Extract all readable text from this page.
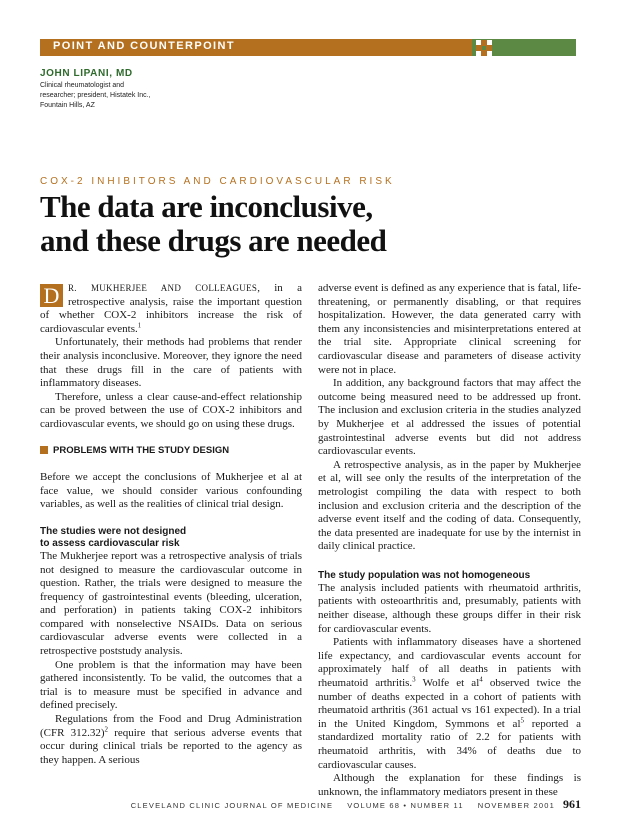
POINT AND COUNTERPOINT
JOHN LIPANI, MD
Clinical rheumatologist and
researcher; president, Histatek Inc.,
Fountain Hills, AZ
COX-2 INHIBITORS AND CARDIOVASCULAR RISK
The data are inconclusive,
and these drugs are needed

D R. MUKHERJEE AND COLLEAGUES, in a retrospective analysis, raise the important question of whether COX-2 inhibitors increase the risk of cardiovascular events.$^1$

Unfortunately, their methods had problems that render their analysis inconclusive. Moreover, they ignore the need that these drugs fill in the care of patients with inflammatory diseases.

Therefore, unless a clear cause-and-effect relationship can be proved between the use of COX-2 inhibitors and cardiovascular events, we should go on using these drugs.

PROBLEMS WITH THE STUDY DESIGN

Before we accept the conclusions of Mukherjee et al at face value, we should consider various confounding variables, as well as the realities of clinical trial design.

The studies were not designed
to assess cardiovascular risk

The Mukherjee report was a retrospective analysis of trials not designed to measure the cardiovascular outcome in question. Rather, the trials were designed to measure the frequency of gastrointestinal events (bleeding, ulceration, and perforation) in patients taking COX-2 inhibitors compared with nonselective NSAIDs. Data on serious cardiovascular adverse events were collected in a retrospective poststudy analysis.

One problem is that the information may have been gathered inconsistently. To be valid, the outcomes that a trial is to measure must be specified in advance and defined precisely.

Regulations from the Food and Drug Administration (CFR 312.32)$^2$ require that serious adverse events that occur during clinical trials be reported to the agency as they happen. A serious

adverse event is defined as any experience that is fatal, life-threatening, or permanently disabling, or that requires hospitalization. However, the data generated carry with them any inconsistencies and misinterpretations entered at the trial site. Appropriate clinical screening for cardiovascular disease and parameters of disease activity were not in place.

In addition, any background factors that may affect the outcome being measured need to be addressed up front. The inclusion and exclusion criteria in the studies analyzed by Mukherjee et al addressed the issues of potential gastrointestinal adverse events but did not address cardiovascular events.

A retrospective analysis, as in the paper by Mukherjee et al, will see only the results of the interpretation of the metrologist compiling the data with respect to both inclusion and exclusion criteria and the description of the adverse event itself and the coding of data. Consequently, the data presented are inadequate for use by the internist in daily clinical practice.

The study population was not homogeneous

The analysis included patients with rheumatoid arthritis, patients with osteoarthritis and, presumably, patients with neither disease, although these groups differ in their risk for cardiovascular events.

Patients with inflammatory diseases have a shortened life expectancy, and cardiovascular events account for approximately half of all deaths in patients with rheumatoid arthritis.$^3$ Wolfe et $al^4$ observed twice the number of deaths expected in a cohort of patients with rheumatoid arthritis (361 actual vs 161 expected). In a trial in the United Kingdom, Symmons et $al^5$ reported a standardized mortality ratio of 2.2 for patients with rheumatoid arthritis, with 34% of deaths due to cardiovascular causes.

Although the explanation for these findings is unknown, the inflammatory mediators present in these

CLEVELAND CLINIC JOURNAL OF MEDICINE VOLUME 68 • NUMBER 11 NOVEMBER 2001 961
